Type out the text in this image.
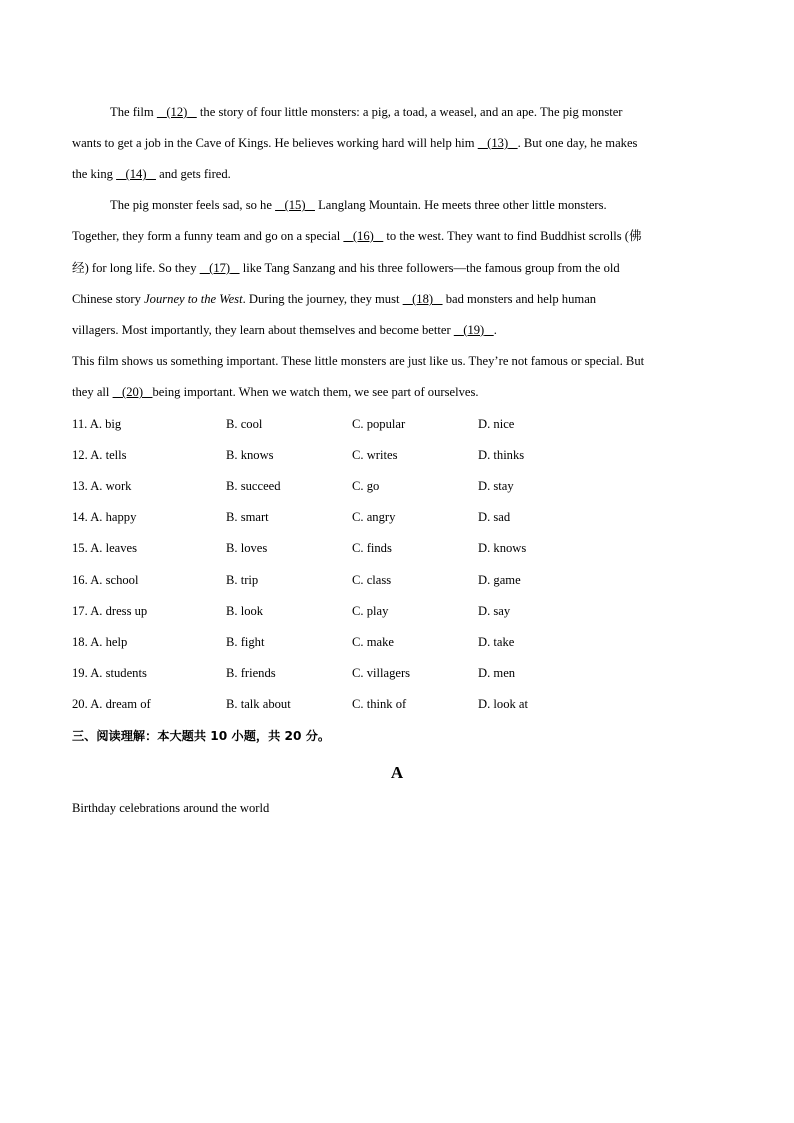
The film (12) the story of four little monsters: a pig, a toad, a weasel, and an ape. The pig monster
wants to get a job in the Cave of Kings. He believes working hard will help him (13) . But one day, he makes
the king (14) and gets fired.
The pig monster feels sad, so he (15) Langlang Mountain. He meets three other little monsters.
Together, they form a funny team and go on a special (16) to the west. They want to find Buddhist scrolls (佛
经) for long life. So they (17) like Tang Sanzang and his three followers—the famous group from the old
Chinese story Journey to the West. During the journey, they must (18) bad monsters and help human
villagers. Most importantly, they learn about themselves and become better (19) .
This film shows us something important. These little monsters are just like us. They’re not famous or special. But
they all (20) being important. When we watch them, we see part of ourselves.
11. A. big	B. cool	C. popular	D. nice
12. A. tells	B. knows	C. writes	D. thinks
13. A. work	B. succeed	C. go	D. stay
14. A. happy	B. smart	C. angry	D. sad
15. A. leaves	B. loves	C. finds	D. knows
16. A. school	B. trip	C. class	D. game
17. A. dress up	B. look	C. play	D. say
18. A. help	B. fight	C. make	D. take
19. A. students	B. friends	C. villagers	D. men
20. A. dream of	B. talk about	C. think of	D. look at
三、阅读理解：本大题共 10 小题，共 20 分。
A
Birthday celebrations around the world
